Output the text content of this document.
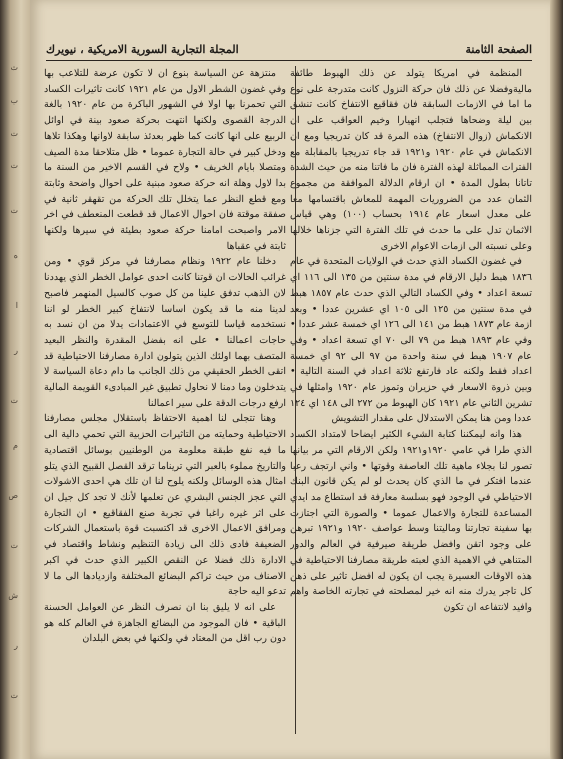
ث
ب
ت
ت
ت
ه
ا
ر
ت
م
ص
ت
ش
ر
ت
الصفحة الثامنة
المجلة التجارية السورية الامريكية ، نيويرك

المنظمة في امريكا يتولد عن ذلك الهبوط طائفة ماليةوفضلا عن ذلك فان حركة النزول كانت متدرجة على نوع ما اما في الازمات السابقة فان فقاقيع الانتفاخ كانت تنشق بين ليلة وضحاها فتجلب انهيارا وخيم العواقب على ان الانكماش (زوال الانتفاخ) هذه المرة قد كان تدريجيا ومع ان الانكماش في عام ١٩٢٠ و١٩٢١ قد جاء تدريجيا بالمقابلة مع الفترات المماثلة لهذه الفترة فان ما فاتنا منه من حيث الشدة تاتانا بطول المدة • ان ارقام الدلالة الموافقة من مجموع الثمان عدد من الضروريات المهمة للمعاش باقتسامها معا على معدل اسعار عام ١٩١٤ بحساب (١٠٠) وهي قياس الاثمان تدل على ما حدث في تلك الفترة التي جزناها خلالها وعلى نسبته الى ازمات الاعوام الاخرى

في غضون الكساد الذي حدث في الولايات المتحدة في عام ١٨٣٦ هبط دليل الارقام في مدة سنتين من ١٣٥ الى ١١٦ اي تسعة اعداد • وفي الكساد التالي الذي حدث عام ١٨٥٧ هبط في مدة سنتين من ١٢٥ الى ١٠٥ اي عشرين عددا • وبعد ازمة عام ١٨٧٣ هبط من ١٤١ الى ١٢٦ اي خمسة عشر عددا • وفي عام ١٨٩٣ هبط من ٧٩ الى ٧٠ اي تسعة اعداد • وفي عام ١٩٠٧ هبط في سنة واحدة من ٩٧ الى ٩٢ اي خمسة اعداد فقط ولكنه عاد فارتفع ثلاثة اعداد في السنة التالية • وبين ذروة الاسعار في حزيران وتموز عام ١٩٢٠ وامثلها في تشرين الثاني عام ١٩٢١ كان الهبوط من ٢٧٢ الى ١٤٨ اي ١٢٤ عددا ومن هنا يمكن الاستدلال على مقدار التشويش

هذا وانه ليمكننا كتابة الشيء الكثير ايضاحا لامتداد الكساد الذي طرا في عامي ١٩٢٠و١٩٢١ ولكن الارقام التي مر بيانها تصور لنا بجلاء ماهية تلك العاصفة وقوتها • واني ارتجف رعبا عندما افتكر في ما الذي كان يحدث لو لم يكن قانون البنك الاحتياطي في الوجود فهو بسلسة معارفة قد استطاع مد ايدي المساعدة للتجارة والاعمال عموما • والصورة التي اجتازت بها سفينة تجارتنا وماليتنا وسط عواصف ١٩٢٠ و١٩٢١ تبرهن على وجود اتقن وافضل طريقة صيرفية في العالم والدور المتناهي في الاهمية الذي لعبته طريقة مصارفنا الاحتياطية في هذه الاوقات العسيرة يجب ان يكون له افضل تاثير على ذهن كل تاجر يدرك منه انه خير لمصلحته في تجارته الخاصة واهم وافيد لانتفاعه ان تكون

منتزهة عن السياسة بنوع ان لا تكون عرضة للتلاعب بها وفي غضون الشطر الاول من عام ١٩٢١ كانت تاثيرات الكساد التي تحمرنا بها اولا في الشهور الباكرة من عام ١٩٢٠ بالغة الدرجة القصوى ولكنها انتهت بحركة صعود بينة في اوائل الربيع على انها كانت كما ظهر بعدئذ سابقة لاوانها وهكذا تلاها ودخل كبير في حالة التجارة عموما • ظل متلاحقا مدة الصيف ومتصلا بايام الخريف • ولاح في القسم الاخير من السنة ما بدا لاول وهلة انه حركة صعود مبنية على احوال واضحة وثابتة ومع قطع النظر عما يتخلل تلك الحركة من تقهقر ثانية في صفقة موقتة فان احوال الاعمال قد قطعت المنعطف في اخر الامر واصبحت امامنا حركة صعود بطيئة في سيرها ولكنها ثابتة في عقباها

دخلنا عام ١٩٢٢ ونظام مصارفنا في مركز قوي • ومن غرائب الحالات ان قوتنا كانت احدى عوامل الخطر الذي يهددنا لان الذهب تدفق علينا من كل صوب كالسيل المنهمر فاصبح لدينا منه ما قد يكون اساسا لانتفاخ كبير الخطر لو اننا نستخدمه قياسا للتوسع في الاعتمادات يدلا من ان نسد به حاجات اعمالنا • على انه بفضل المقدرة والنظر البعيد المتصف بهما اولئك الذين يتولون ادارة مصارفنا الاحتياطية قد اتقى الخطر الحقيقي من ذلك الجانب ما دام دعاة السياسة لا يتدخلون وما دمنا لا نحاول تطبيق غير المبادىء القويمة المالية ارفع درجات الدقة على سير اعمالنا

وهنا تتجلى لنا اهمية الاحتفاظ باستقلال مجلس مصارفنا الاحتياطية وحمايته من التاثيرات الحزبية التي تحمي دالية الى ما فيه نفع طبقة معلومة من الوطنيين بوسائل اقتصادية والتاريخ مملوء بالعبر التي تريناما ترقد القصل القبيح الذي يتلو امثال هذه الوسائل ولكنه يلوح لنا ان تلك هي احدى الاشولات التي عجز الجنس البشري عن تعلمها لأنك لا تجد كل جيل ان على اثر غيره راغبا في تجربة صنع الفقاقيع • ان التجارة ومرافق الاعمال الاخرى قد اكتسبت قوة باستعمال الشركات الضعيفة فادى ذلك الى زيادة التنظيم ونشاط واقتصاد في الادارة ذلك فضلا عن النقص الكبير الذي حدث في اكبر الاصناف من حيث تراكم البضائع المختلفة وازديادها الى ما لا تدعو اليه حاجة

على انه لا يليق بنا ان نصرف النظر عن العوامل الحسنة الباقية • فان الموجود من البضائع الجاهزة في العالم كله هو دون رب اقل من المعتاد في ولكنها في بعض البلدان
